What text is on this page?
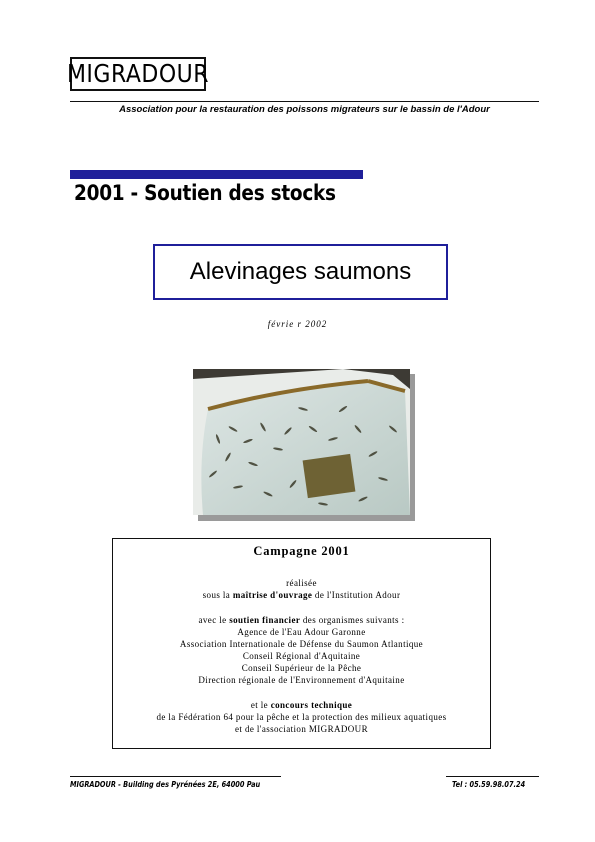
MIGRADOUR
Association pour la restauration des poissons migrateurs sur le bassin de l'Adour
2001 - Soutien des stocks
Alevinages saumons
févrie r 2002
Campagne 2001
réalisée
sous la maîtrise d'ouvrage de l'Institution Adour
avec le soutien financier des organismes suivants :
Agence de l'Eau Adour Garonne
Association Internationale de Défense du Saumon Atlantique
Conseil Régional d'Aquitaine
Conseil Supérieur de la Pêche
Direction régionale de l'Environnement d'Aquitaine
et le concours technique
de la Fédération 64 pour la pêche et la protection des milieux aquatiques
et de l'association MIGRADOUR
MIGRADOUR - Building des Pyrénées 2E, 64000 Pau	Tel : 05.59.98.07.24
